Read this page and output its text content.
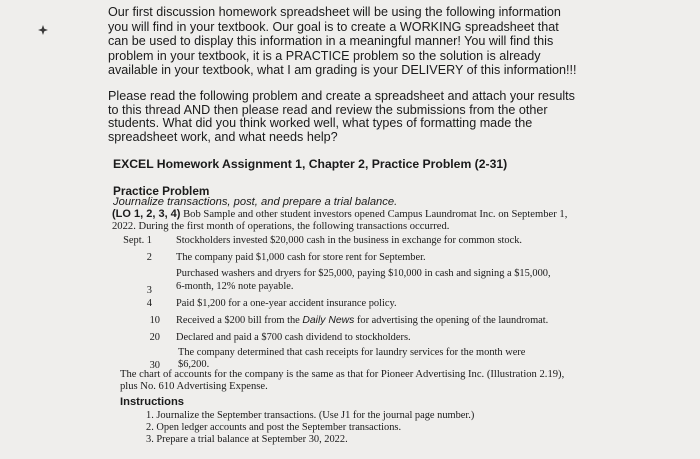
Our first discussion homework spreadsheet will be using the following information you will find in your textbook. Our goal is to create a WORKING spreadsheet that can be used to display this information in a meaningful manner! You will find this problem in your textbook, it is a PRACTICE problem so the solution is already available in your textbook, what I am grading is your DELIVERY of this information!!!

Please read the following problem and create a spreadsheet and attach your results to this thread AND then please read and review the submissions from the other students. What did you think worked well, what types of formatting made the spreadsheet work, and what needs help?

EXCEL Homework Assignment 1, Chapter 2, Practice Problem (2-31)
Practice Problem
Journalize transactions, post, and prepare a trial balance.

(LO 1, 2, 3, 4) Bob Sample and other student investors opened Campus Laundromat Inc. on September 1, 2022. During the first month of operations, the following transactions occurred.

Sept. 1 Stockholders invested $20,000 cash in the business in exchange for common stock.
2 The company paid $1,000 cash for store rent for September.
3
Purchased washers and dryers for $25,000, paying $10,000 in cash and signing a $15,000,
6-month, 12% note payable.
4 Paid $1,200 for a one-year accident insurance policy.
10 Received a $200 bill from the Daily News for advertising the opening of the laundromat.
20 Declared and paid a $700 cash dividend to stockholders.
30
The company determined that cash receipts for laundry services for the month were
$6,200.

The chart of accounts for the company is the same as that for Pioneer Advertising Inc. (Illustration 2.19), plus No. 610 Advertising Expense.

Instructions
1. Journalize the September transactions. (Use J1 for the journal page number.)
2. Open ledger accounts and post the September transactions.
3. Prepare a trial balance at September 30, 2022.
